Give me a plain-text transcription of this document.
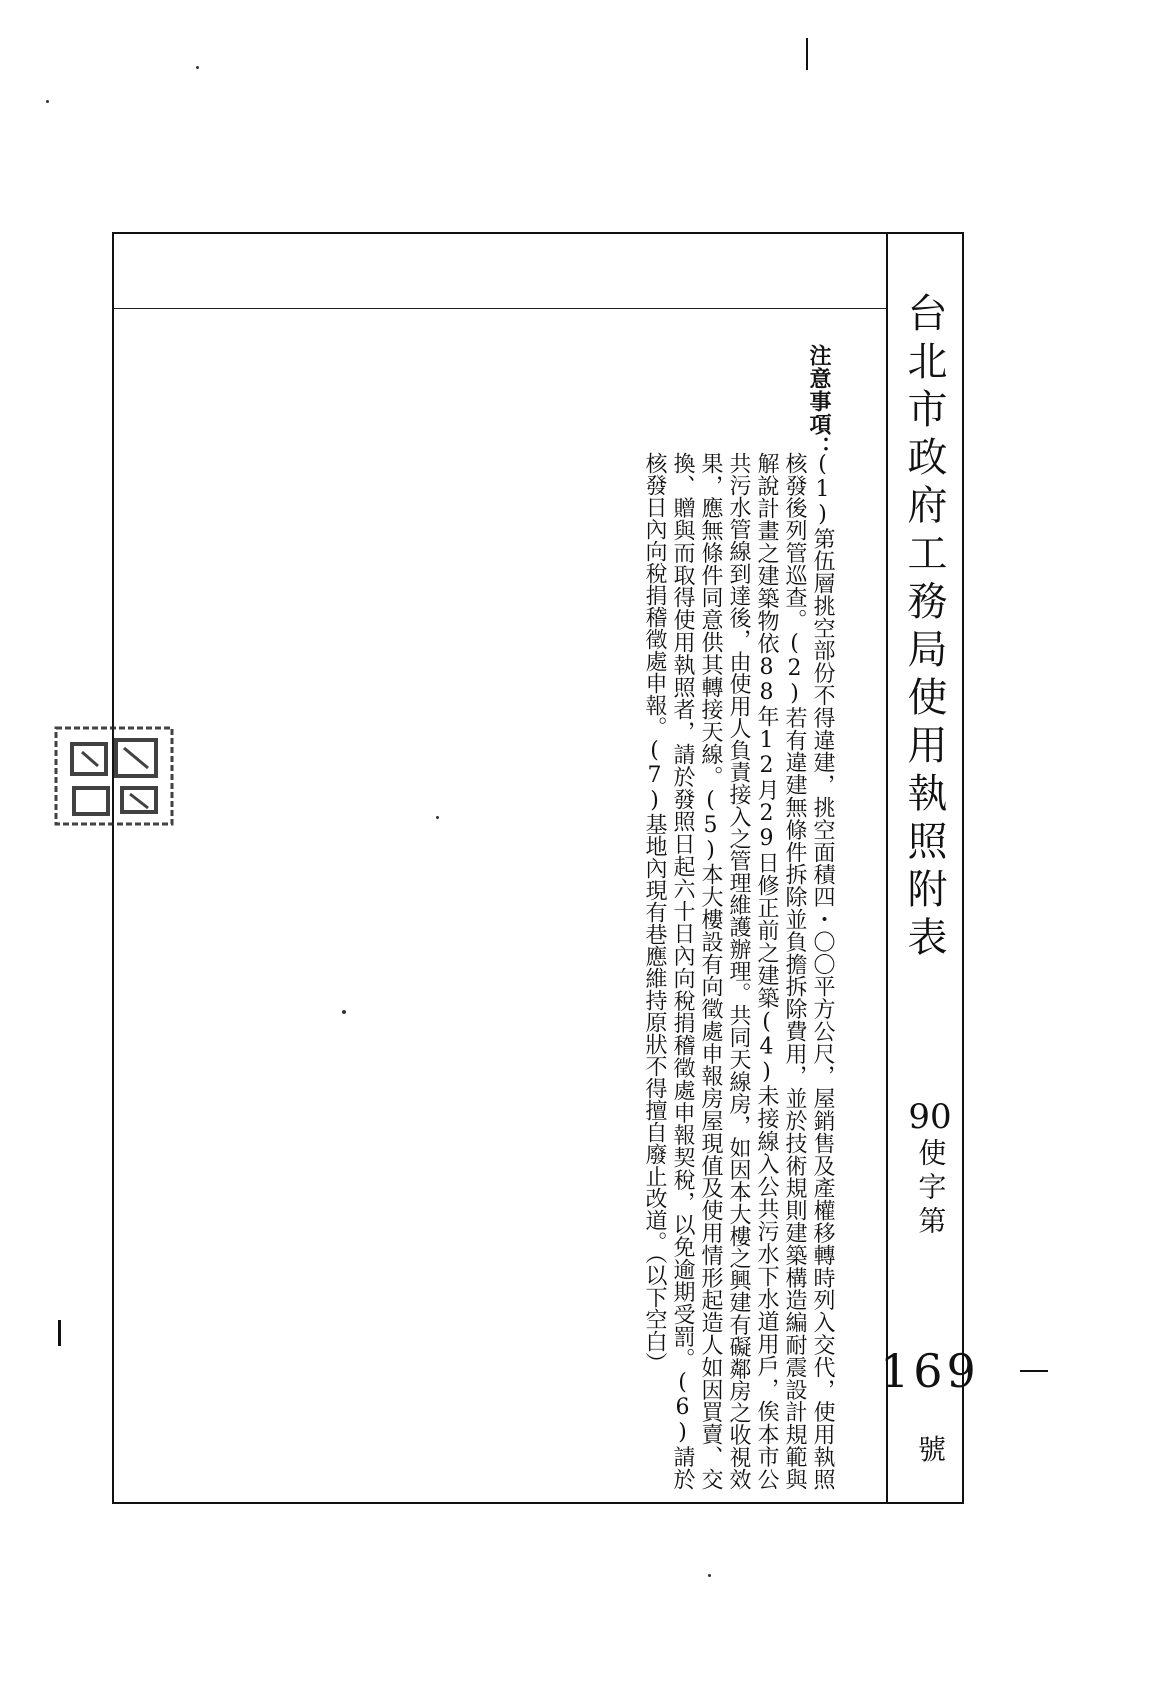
台北市政府工務局使用執照附表
90
使字第
169
號
注意事項：
(1)第伍層挑空部份不得違建，挑空面積四・〇〇平方公尺，屋銷售及產權移轉時列入交代，使用執照核發後列管巡查。(2)若有違建無條件拆除並負擔拆除費用，並於技術規則建築構造編耐震設計規範與解說計畫之建築物依88年12月29日修正前之建築(4)未接線入公共污水下水道用戶，俟本市公共污水管線到達後，由使用人負責接入之管理維護辦理。共同天線房，如因本大樓之興建有礙鄰房之收視效果，應無條件同意供其轉接天線。(5)本大樓設有向徵處申報房屋現值及使用情形起造人如因買賣、交換、贈與而取得使用執照者，請於發照日起六十日內向稅捐稽徵處申報契稅，以免逾期受罰。(6)請於核發日內向稅捐稽徵處申報。(7)基地內現有巷應維持原狀不得擅自廢止改道。（以下空白）
